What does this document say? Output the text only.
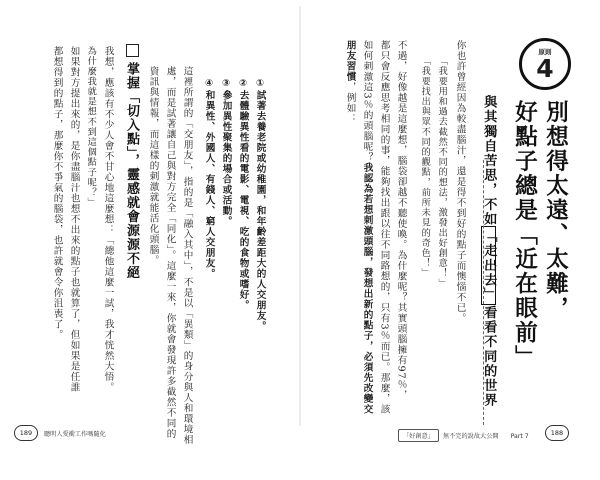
原則
4
別想得太遠、太難，
好點子總是「近在眼前」
與其獨自苦思，不如「走出去」看看不同的世界
你也許曾經因為較盡腦汁，還是得不到好的點子而懊惱不已。
「我要用和過去截然不同的想法，激發出好創意！」
「我要找出與眾不同的觀點，前所未見的奇色！」
不過，好像越是這麼想，腦袋卻越不聽使喚。為什麼呢？其實頭腦擁有97％，
都只會反應思考相同的事，能夠找出跟以往不同路想的，只有3％而已。那麼，該
如何刺激這3％的頭腦呢？我認為若想刺激頭腦，發想出新的點子，必須先改變交
朋友習慣，例如：
「好創意」 無不完的說故大公開 Part 7	188
①試著去養老院或幼稚園，和年齡差距大的人交朋友。
②去體驗異性看的電影、電視、吃的食物或嗜好。
③參加異性聚集的場合或活動。
④和異性、外國人、有錢人、窮人交朋友。
這裡所謂的「交朋友」，指的是「融入其中」，不是以「異類」的身分與人和環境相
處，而是試著讓自己與對方完全「同化」。這麼一來，你就會發現許多截然不同的
資訊與情報，而這樣的刺激就能活化頭腦。
掌握「切入點」，靈感就會源源不絕
我想，應該有不少人會不甘心地這麼想：「總他這麼一試，我才恍然大悟。
為什麼我就是想不到這個點子呢？」
如果對方提出來的，是你盡腦汁也想不出來的點子也就算了，但如果是任誰
都想得到的點子，那麼你不爭氣的腦袋，也許就會令你沮喪了。
189	聰明人愛衝工作嗎隨化
